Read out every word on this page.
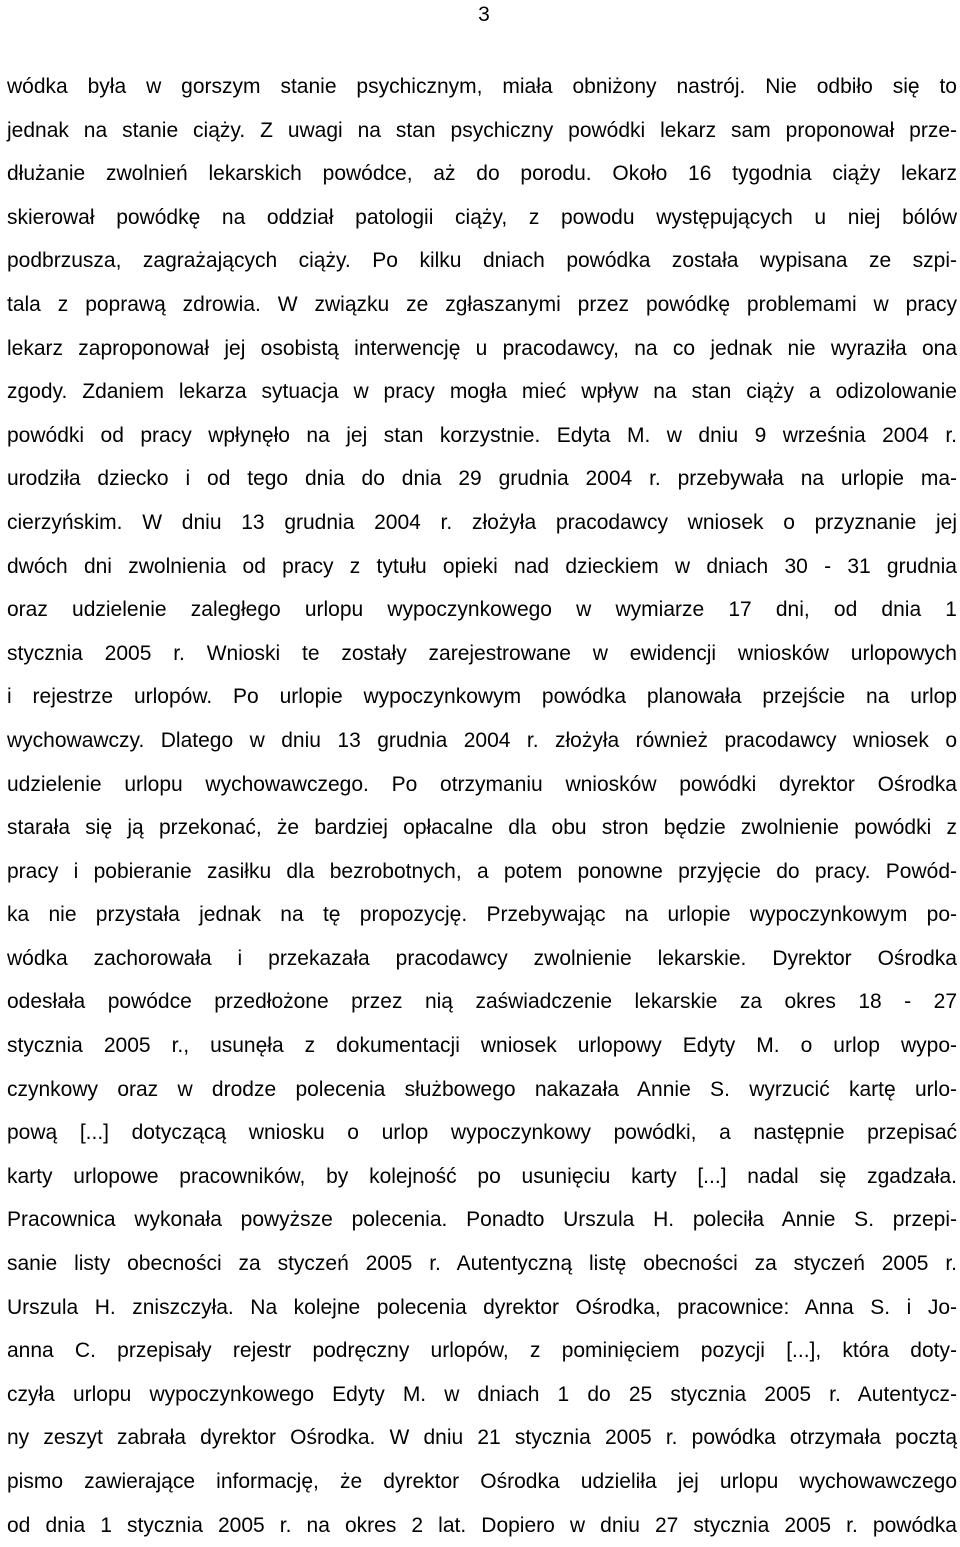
3
wódka była w gorszym stanie psychicznym, miała obniżony nastrój. Nie odbiło się to
jednak na stanie ciąży. Z uwagi na stan psychiczny powódki lekarz sam proponował prze-
dłużanie zwolnień lekarskich powódce, aż do porodu. Około 16 tygodnia ciąży lekarz
skierował powódkę na oddział patologii ciąży, z powodu występujących u niej bólów
podbrzusza, zagrażających ciąży. Po kilku dniach powódka została wypisana ze szpi-
tala z poprawą zdrowia. W związku ze zgłaszanymi przez powódkę problemami w pracy
lekarz zaproponował jej osobistą interwencję u pracodawcy, na co jednak nie wyraziła ona
zgody. Zdaniem lekarza sytuacja w pracy mogła mieć wpływ na stan ciąży a odizolowanie
powódki od pracy wpłynęło na jej stan korzystnie. Edyta M. w dniu 9 września 2004 r.
urodziła dziecko i od tego dnia do dnia 29 grudnia 2004 r. przebywała na urlopie ma-
cierzyńskim. W dniu 13 grudnia 2004 r. złożyła pracodawcy wniosek o przyznanie jej
dwóch dni zwolnienia od pracy z tytułu opieki nad dzieckiem w dniach 30 - 31 grudnia
oraz udzielenie zaległego urlopu wypoczynkowego w wymiarze 17 dni, od dnia 1
stycznia 2005 r. Wnioski te zostały zarejestrowane w ewidencji wniosków urlopowych
i rejestrze urlopów. Po urlopie wypoczynkowym powódka planowała przejście na urlop
wychowawczy. Dlatego w dniu 13 grudnia 2004 r. złożyła również pracodawcy wniosek o
udzielenie urlopu wychowawczego. Po otrzymaniu wniosków powódki dyrektor Ośrodka
starała się ją przekonać, że bardziej opłacalne dla obu stron będzie zwolnienie powódki z
pracy i pobieranie zasiłku dla bezrobotnych, a potem ponowne przyjęcie do pracy. Powód-
ka nie przystała jednak na tę propozycję. Przebywając na urlopie wypoczynkowym po-
wódka zachorowała i przekazała pracodawcy zwolnienie lekarskie. Dyrektor Ośrodka
odesłała powódce przedłożone przez nią zaświadczenie lekarskie za okres 18 - 27
stycznia 2005 r., usunęła z dokumentacji wniosek urlopowy Edyty M. o urlop wypo-
czynkowy oraz w drodze polecenia służbowego nakazała Annie S. wyrzucić kartę urlo-
pową [...] dotyczącą wniosku o urlop wypoczynkowy powódki, a następnie przepisać
karty urlopowe pracowników, by kolejność po usunięciu karty [...] nadal się zgadzała.
Pracownica wykonała powyższe polecenia. Ponadto Urszula H. poleciła Annie S. przepi-
sanie listy obecności za styczeń 2005 r. Autentyczną listę obecności za styczeń 2005 r.
Urszula H. zniszczyła. Na kolejne polecenia dyrektor Ośrodka, pracownice: Anna S. i Jo-
anna C. przepisały rejestr podręczny urlopów, z pominięciem pozycji [...], która doty-
czyła urlopu wypoczynkowego Edyty M. w dniach 1 do 25 stycznia 2005 r. Autentycz-
ny zeszyt zabrała dyrektor Ośrodka. W dniu 21 stycznia 2005 r. powódka otrzymała pocztą
pismo zawierające informację, że dyrektor Ośrodka udzieliła jej urlopu wychowawczego
od dnia 1 stycznia 2005 r. na okres 2 lat. Dopiero w dniu 27 stycznia 2005 r. powódka
